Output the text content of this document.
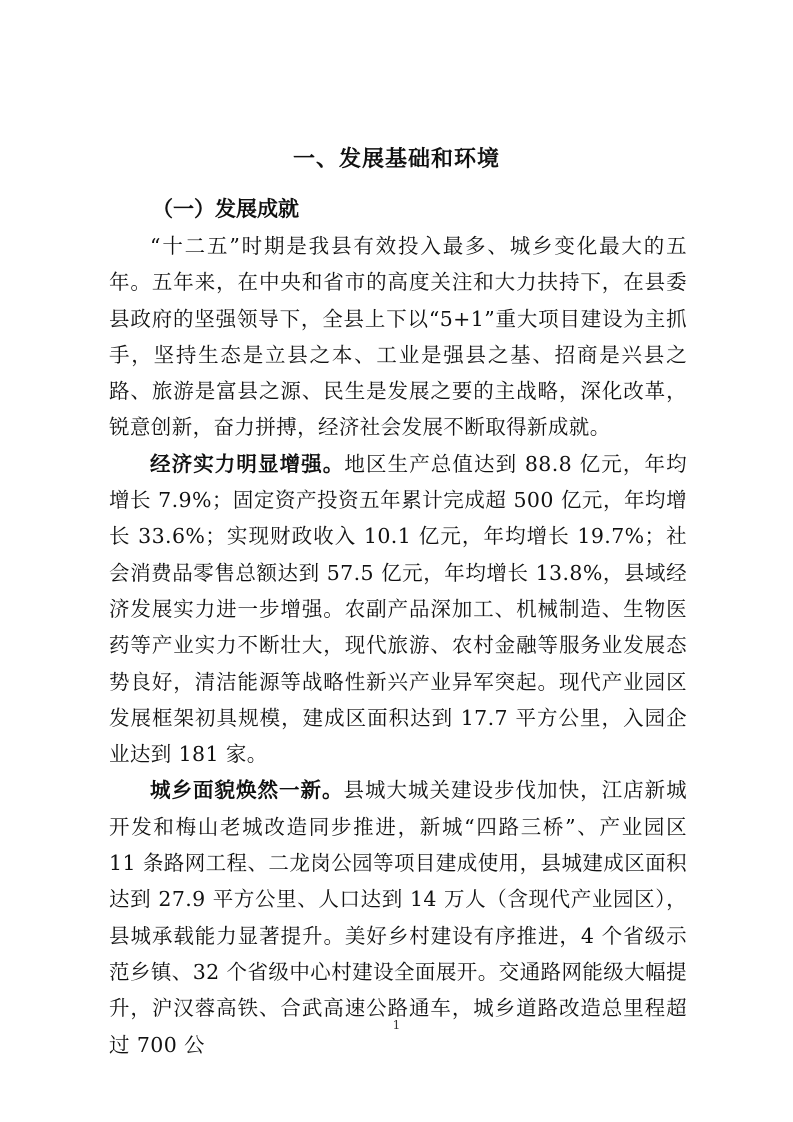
一、发展基础和环境
（一）发展成就

“十二五”时期是我县有效投入最多、城乡变化最大的五年。五年来，在中央和省市的高度关注和大力扶持下，在县委县政府的坚强领导下，全县上下以“5+1”重大项目建设为主抓手，坚持生态是立县之本、工业是强县之基、招商是兴县之路、旅游是富县之源、民生是发展之要的主战略，深化改革，锐意创新，奋力拼搏，经济社会发展不断取得新成就。

经济实力明显增强。地区生产总值达到 88.8 亿元，年均增长 7.9%；固定资产投资五年累计完成超 500 亿元，年均增长 33.6%；实现财政收入 10.1 亿元，年均增长 19.7%；社会消费品零售总额达到 57.5 亿元，年均增长 13.8%，县域经济发展实力进一步增强。农副产品深加工、机械制造、生物医药等产业实力不断壮大，现代旅游、农村金融等服务业发展态势良好，清洁能源等战略性新兴产业异军突起。现代产业园区发展框架初具规模，建成区面积达到 17.7 平方公里，入园企业达到 181 家。

城乡面貌焕然一新。县城大城关建设步伐加快，江店新城开发和梅山老城改造同步推进，新城“四路三桥”、产业园区 11 条路网工程、二龙岗公园等项目建成使用，县城建成区面积达到 27.9 平方公里、人口达到 14 万人（含现代产业园区），县城承载能力显著提升。美好乡村建设有序推进，4 个省级示范乡镇、32 个省级中心村建设全面展开。交通路网能级大幅提升，沪汉蓉高铁、合武高速公路通车，城乡道路改造总里程超过 700 公

1
